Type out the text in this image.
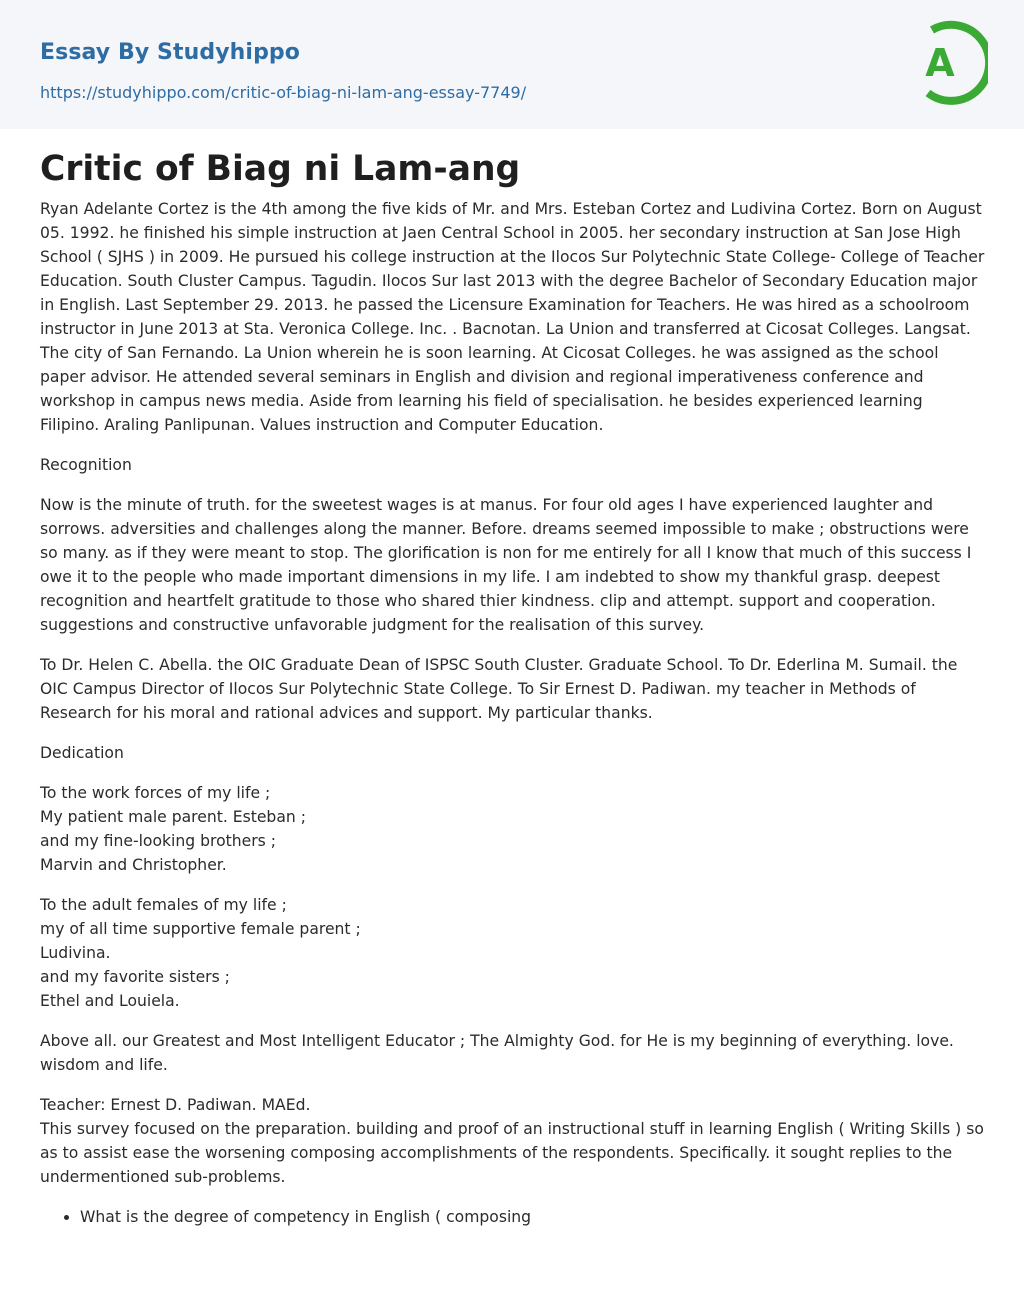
Essay By Studyhippo
https://studyhippo.com/critic-of-biag-ni-lam-ang-essay-7749/
A
Critic of Biag ni Lam-ang

Ryan Adelante Cortez is the 4th among the five kids of Mr. and Mrs. Esteban Cortez and Ludivina Cortez. Born on August 05. 1992. he finished his simple instruction at Jaen Central School in 2005. her secondary instruction at San Jose High School ( SJHS ) in 2009. He pursued his college instruction at the Ilocos Sur Polytechnic State College- College of Teacher Education. South Cluster Campus. Tagudin. Ilocos Sur last 2013 with the degree Bachelor of Secondary Education major in English. Last September 29. 2013. he passed the Licensure Examination for Teachers. He was hired as a schoolroom instructor in June 2013 at Sta. Veronica College. Inc. . Bacnotan. La Union and transferred at Cicosat Colleges. Langsat. The city of San Fernando. La Union wherein he is soon learning. At Cicosat Colleges. he was assigned as the school paper advisor. He attended several seminars in English and division and regional imperativeness conference and workshop in campus news media. Aside from learning his field of specialisation. he besides experienced learning Filipino. Araling Panlipunan. Values instruction and Computer Education.

Recognition

Now is the minute of truth. for the sweetest wages is at manus. For four old ages I have experienced laughter and sorrows. adversities and challenges along the manner. Before. dreams seemed impossible to make ; obstructions were so many. as if they were meant to stop. The glorification is non for me entirely for all I know that much of this success I owe it to the people who made important dimensions in my life. I am indebted to show my thankful grasp. deepest recognition and heartfelt gratitude to those who shared thier kindness. clip and attempt. support and cooperation. suggestions and constructive unfavorable judgment for the realisation of this survey.

To Dr. Helen C. Abella. the OIC Graduate Dean of ISPSC South Cluster. Graduate School. To Dr. Ederlina M. Sumail. the OIC Campus Director of Ilocos Sur Polytechnic State College. To Sir Ernest D. Padiwan. my teacher in Methods of Research for his moral and rational advices and support. My particular thanks.

Dedication

To the work forces of my life ;
My patient male parent. Esteban ;
and my fine-looking brothers ;
Marvin and Christopher.

To the adult females of my life ;
my of all time supportive female parent ;
Ludivina.
and my favorite sisters ;
Ethel and Louiela.

Above all. our Greatest and Most Intelligent Educator ; The Almighty God. for He is my beginning of everything. love. wisdom and life.

Teacher: Ernest D. Padiwan. MAEd.
This survey focused on the preparation. building and proof of an instructional stuff in learning English ( Writing Skills ) so as to assist ease the worsening composing accomplishments of the respondents. Specifically. it sought replies to the undermentioned sub-problems.

• What is the degree of competency in English ( composing
